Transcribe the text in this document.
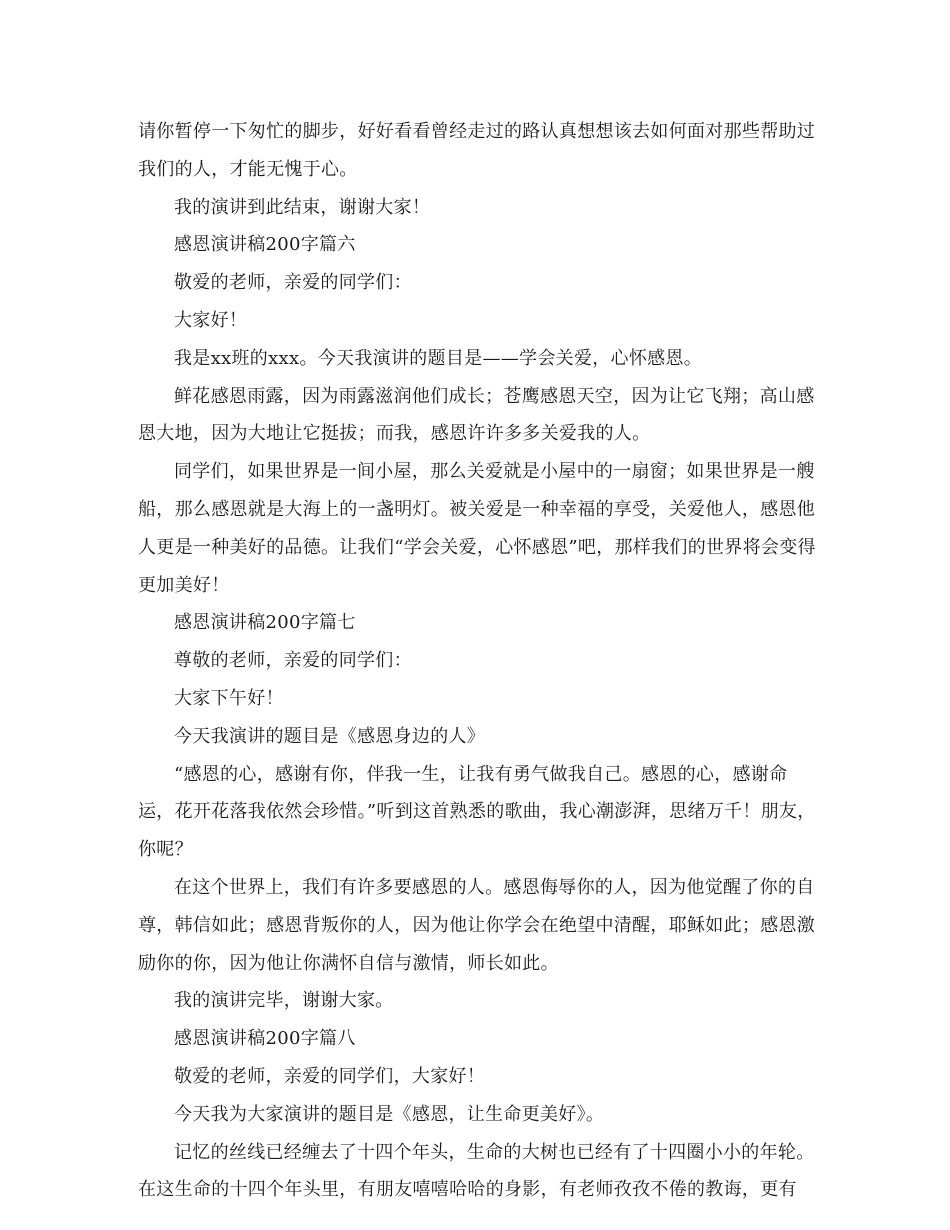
请你暂停一下匆忙的脚步，好好看看曾经走过的路认真想想该去如何面对那些帮助过我们的人，才能无愧于心。

我的演讲到此结束，谢谢大家！

感恩演讲稿200字篇六

敬爱的老师，亲爱的同学们：

大家好！

我是xx班的xxx。今天我演讲的题目是——学会关爱，心怀感恩。

鲜花感恩雨露，因为雨露滋润他们成长；苍鹰感恩天空，因为让它飞翔；高山感恩大地，因为大地让它挺拔；而我，感恩许许多多关爱我的人。

同学们，如果世界是一间小屋，那么关爱就是小屋中的一扇窗；如果世界是一艘船，那么感恩就是大海上的一盏明灯。被关爱是一种幸福的享受，关爱他人，感恩他人更是一种美好的品德。让我们“学会关爱，心怀感恩”吧，那样我们的世界将会变得更加美好！

感恩演讲稿200字篇七

尊敬的老师，亲爱的同学们：

大家下午好！

今天我演讲的题目是《感恩身边的人》

“感恩的心，感谢有你，伴我一生，让我有勇气做我自己。感恩的心，感谢命运，花开花落我依然会珍惜。”听到这首熟悉的歌曲，我心潮澎湃，思绪万千！朋友，你呢？

在这个世界上，我们有许多要感恩的人。感恩侮辱你的人，因为他觉醒了你的自尊，韩信如此；感恩背叛你的人，因为他让你学会在绝望中清醒，耶稣如此；感恩激励你的你，因为他让你满怀自信与激情，师长如此。

我的演讲完毕，谢谢大家。

感恩演讲稿200字篇八

敬爱的老师，亲爱的同学们，大家好！

今天我为大家演讲的题目是《感恩，让生命更美好》。

记忆的丝线已经缠去了十四个年头，生命的大树也已经有了十四圈小小的年轮。在这生命的十四个年头里，有朋友嘻嘻哈哈的身影，有老师孜孜不倦的教诲，更有
